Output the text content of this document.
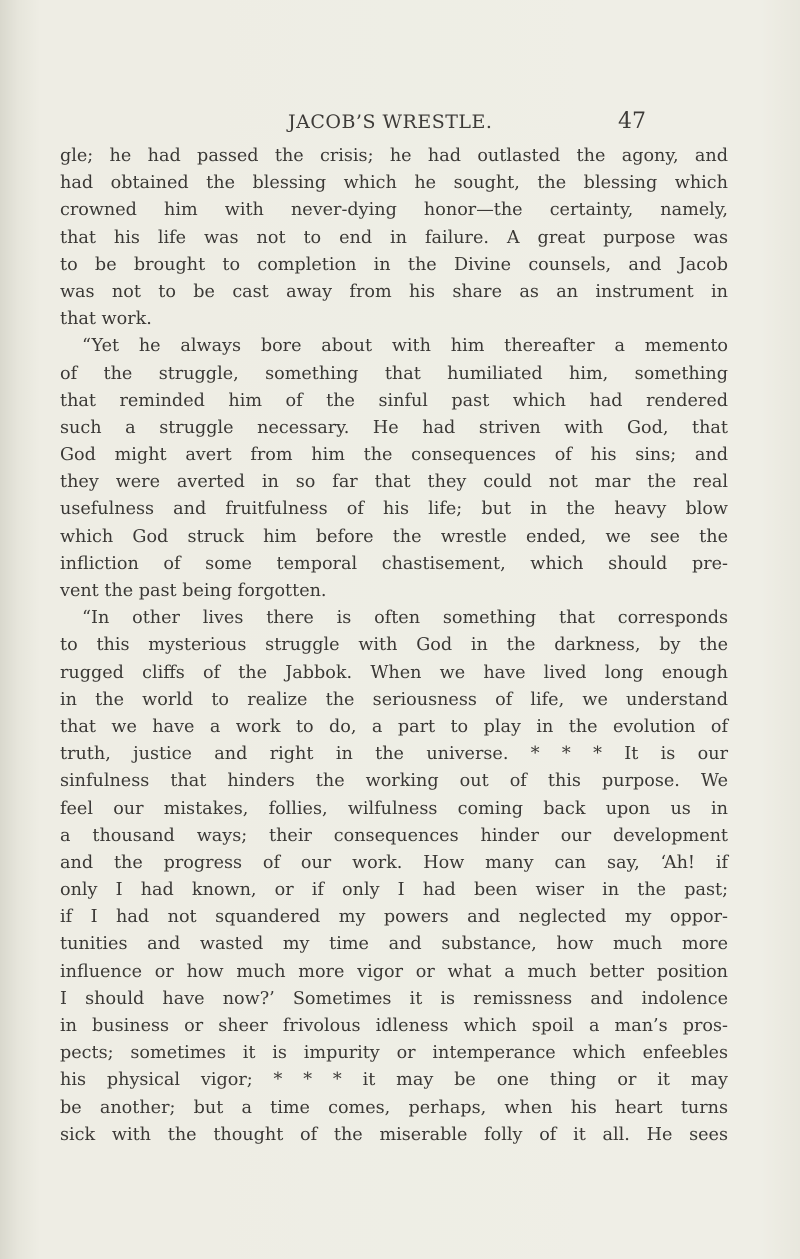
JACOB’S WRESTLE.	47
gle; he had passed the crisis; he had outlasted the agony, and
had obtained the blessing which he sought, the blessing which
crowned him with never-dying honor—the certainty, namely,
that his life was not to end in failure. A great purpose was
to be brought to completion in the Divine counsels, and Jacob
was not to be cast away from his share as an instrument in
that work.
“Yet he always bore about with him thereafter a memento
of the struggle, something that humiliated him, something
that reminded him of the sinful past which had rendered
such a struggle necessary. He had striven with God, that
God might avert from him the consequences of his sins; and
they were averted in so far that they could not mar the real
usefulness and fruitfulness of his life; but in the heavy blow
which God struck him before the wrestle ended, we see the
infliction of some temporal chastisement, which should pre-
vent the past being forgotten.
“In other lives there is often something that corresponds
to this mysterious struggle with God in the darkness, by the
rugged cliffs of the Jabbok. When we have lived long enough
in the world to realize the seriousness of life, we understand
that we have a work to do, a part to play in the evolution of
truth, justice and right in the universe. * * * It is our
sinfulness that hinders the working out of this purpose. We
feel our mistakes, follies, wilfulness coming back upon us in
a thousand ways; their consequences hinder our development
and the progress of our work. How many can say, ‘Ah! if
only I had known, or if only I had been wiser in the past;
if I had not squandered my powers and neglected my oppor-
tunities and wasted my time and substance, how much more
influence or how much more vigor or what a much better position
I should have now?’ Sometimes it is remissness and indolence
in business or sheer frivolous idleness which spoil a man’s pros-
pects; sometimes it is impurity or intemperance which enfeebles
his physical vigor; * * * it may be one thing or it may
be another; but a time comes, perhaps, when his heart turns
sick with the thought of the miserable folly of it all. He sees
